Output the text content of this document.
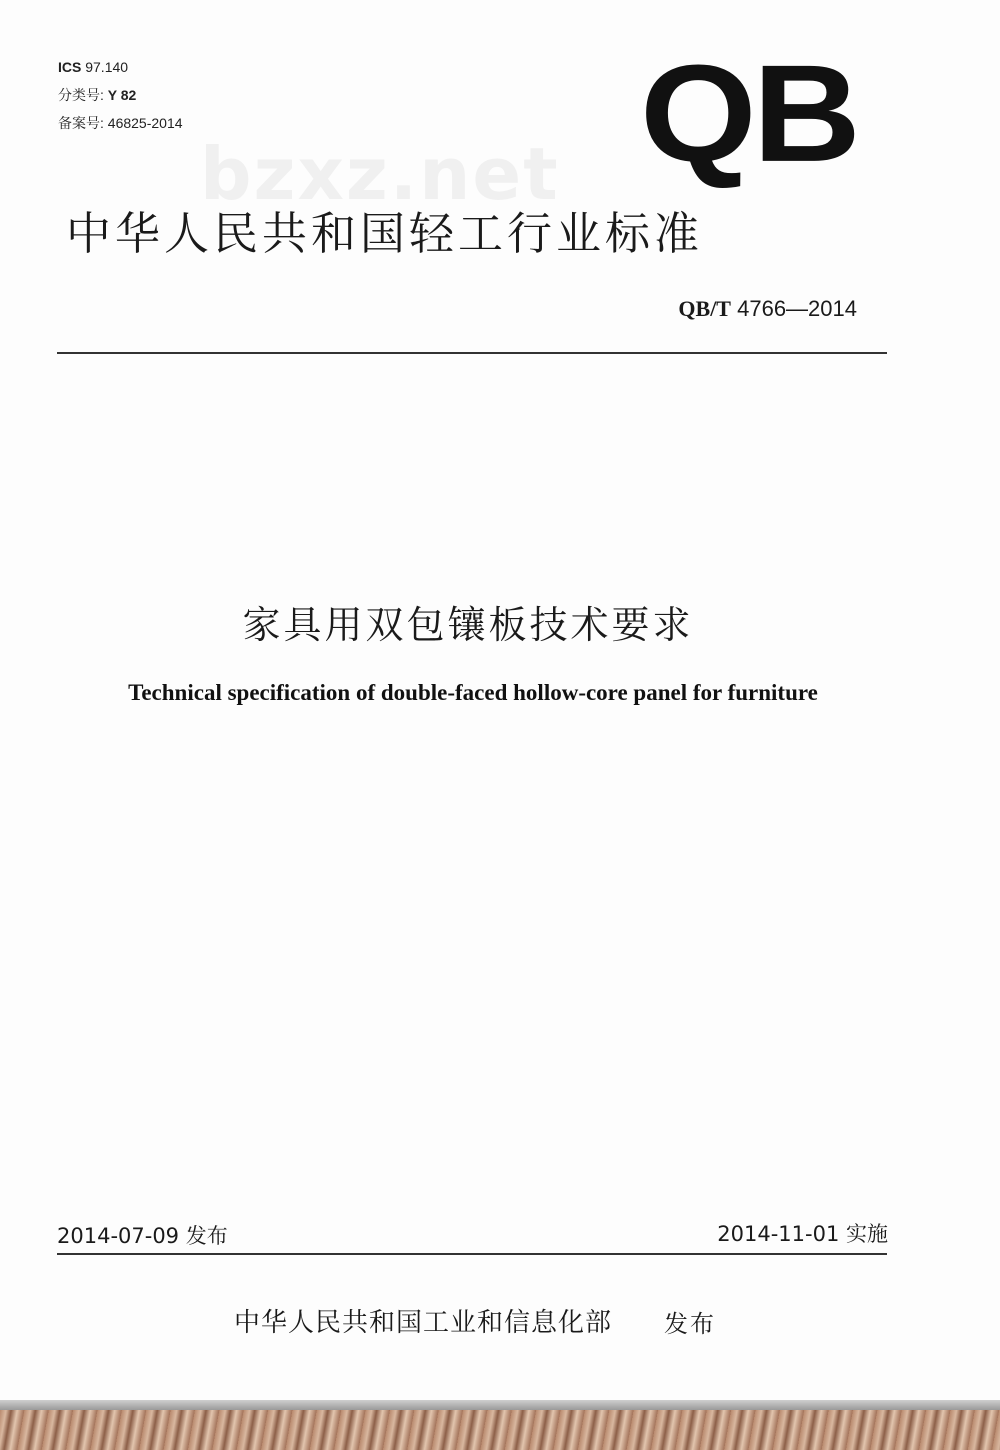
ICS 97.140
分类号: Y 82
备案号: 46825-2014	QB
bzxz.net
中华人民共和国轻工行业标准
QB/T 4766—2014
家具用双包镶板技术要求
Technical specification of double-faced hollow-core panel for furniture
2014-07-09 发布	2014-11-01 实施
中华人民共和国工业和信息化部 发布
